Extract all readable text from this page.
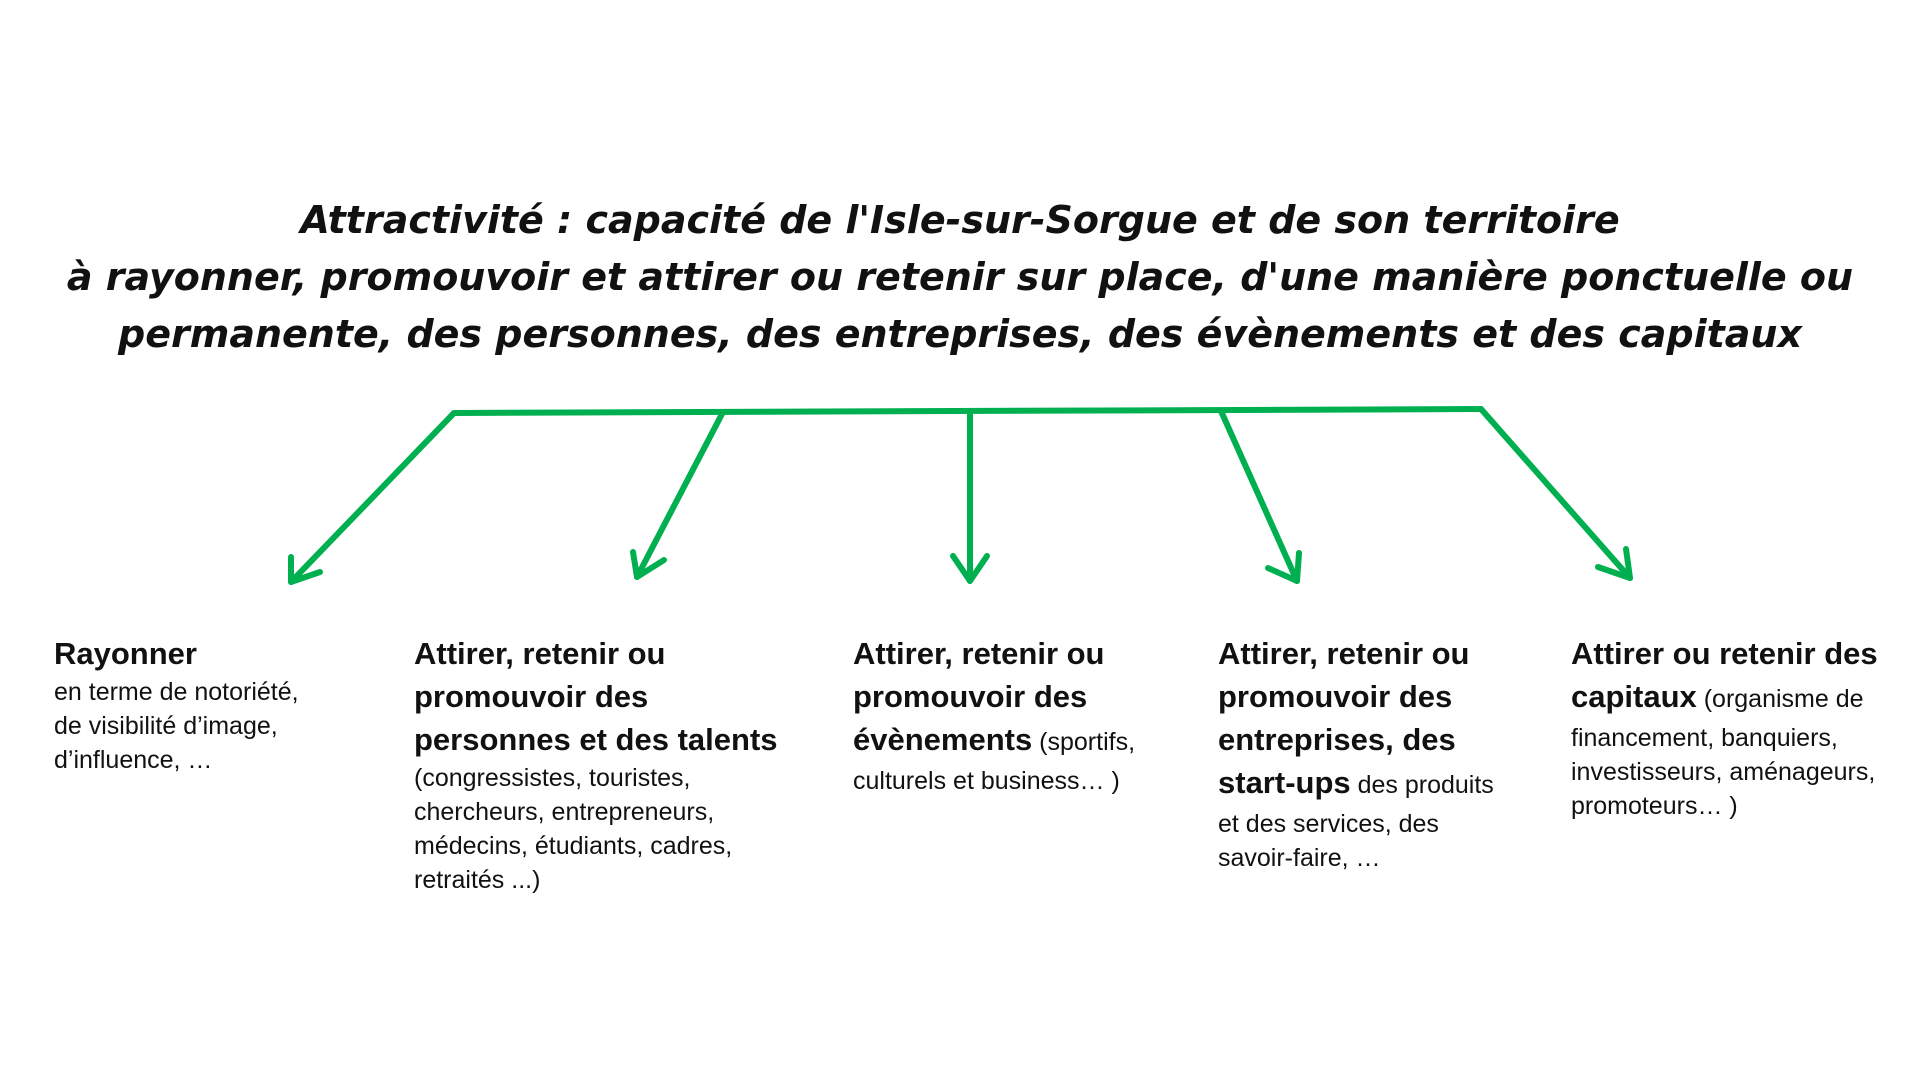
Attractivité : capacité de l'Isle-sur-Sorgue et de son territoire
à rayonner, promouvoir et attirer ou retenir sur place, d'une manière ponctuelle ou
permanente, des personnes, des entreprises, des évènements et des capitaux
Rayonner
en terme de notoriété,
de visibilité d’image,
d’influence, …
Attirer, retenir ou
promouvoir des
personnes et des talents
(congressistes, touristes,
chercheurs, entrepreneurs,
médecins, étudiants, cadres,
retraités ...)
Attirer, retenir ou
promouvoir des
évènements (sportifs,
culturels et business… )
Attirer, retenir ou
promouvoir des
entreprises, des
start-ups des produits
et des services, des
savoir-faire, …
Attirer ou retenir des
capitaux (organisme de
financement, banquiers,
investisseurs, aménageurs,
promoteurs… )
